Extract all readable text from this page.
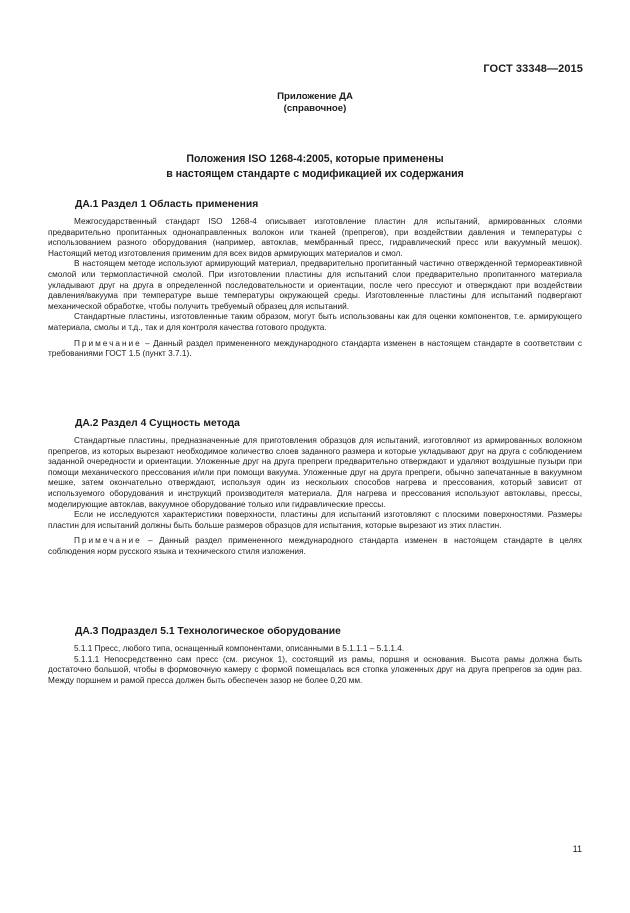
ГОСТ 33348—2015
Приложение ДА
(справочное)
Положения ISO 1268-4:2005, которые применены
в настоящем стандарте с модификацией их содержания
ДА.1 Раздел 1 Область применения

Межгосударственный стандарт ISO 1268-4 описывает изготовление пластин для испытаний, армированных слоями предварительно пропитанных однонаправленных волокон или тканей (препрегов), при воздействии давления и температуры с использованием разного оборудования (например, автоклав, мембранный пресс, гидравлический пресс или вакуумный мешок). Настоящий метод изготовления применим для всех видов армирующих материалов и смол.

В настоящем методе используют армирующий материал, предварительно пропитанный частично отвержденной термореактивной смолой или термопластичной смолой. При изготовлении пластины для испытаний слои предварительно пропитанного материала укладывают друг на друга в определенной последовательности и ориентации, после чего прессуют и отверждают при воздействии давления/вакуума при температуре выше температуры окружающей среды. Изготовленные пластины для испытаний подвергают механической обработке, чтобы получить требуемый образец для испытаний.

Стандартные пластины, изготовленные таким образом, могут быть использованы как для оценки компонентов, т.е. армирующего материала, смолы и т.д., так и для контроля качества готового продукта.

Примечание – Данный раздел примененного международного стандарта изменен в настоящем стандарте в соответствии с требованиями ГОСТ 1.5 (пункт 3.7.1).

ДА.2 Раздел 4 Сущность метода

Стандартные пластины, предназначенные для приготовления образцов для испытаний, изготовляют из армированных волокном препрегов, из которых вырезают необходимое количество слоев заданного размера и которые укладывают друг на друга с соблюдением заданной очередности и ориентации. Уложенные друг на друга препреги предварительно отверждают и удаляют воздушные пузыри при помощи механического прессования и/или при помощи вакуума. Уложенные друг на друга препреги, обычно запечатанные в вакуумном мешке, затем окончательно отверждают, используя один из нескольких способов нагрева и прессования, который зависит от используемого оборудования и инструкций производителя материала. Для нагрева и прессования используют автоклавы, прессы, моделирующие автоклав, вакуумное оборудование только или гидравлические прессы.

Если не исследуются характеристики поверхности, пластины для испытаний изготовляют с плоскими поверхностями. Размеры пластин для испытаний должны быть больше размеров образцов для испытания, которые вырезают из этих пластин.

Примечание – Данный раздел примененного международного стандарта изменен в настоящем стандарте в целях соблюдения норм русского языка и технического стиля изложения.

ДА.3 Подраздел 5.1 Технологическое оборудование

5.1.1 Пресс, любого типа, оснащенный компонентами, описанными в 5.1.1.1 – 5.1.1.4.

5.1.1.1 Непосредственно сам пресс (см. рисунок 1), состоящий из рамы, поршня и основания. Высота рамы должна быть достаточно большой, чтобы в формовочную камеру с формой помещалась вся стопка уложенных друг на друга препрегов за один раз. Между поршнем и рамой пресса должен быть обеспечен зазор не более 0,20 мм.

11
